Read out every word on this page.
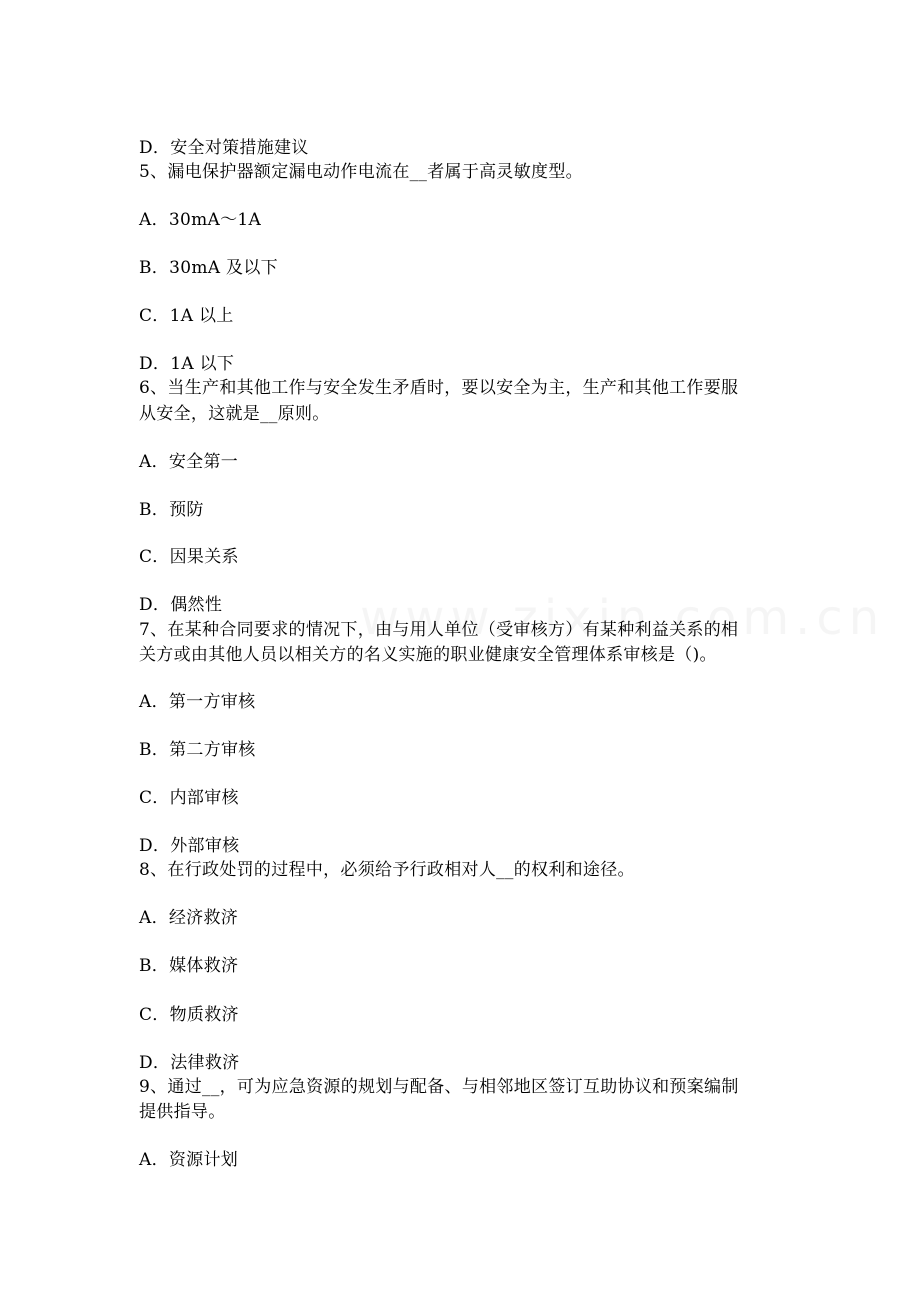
D．安全对策措施建议
5、漏电保护器额定漏电动作电流在__者属于高灵敏度型。
A．30mA～1A
B．30mA 及以下
C．1A 以上
D．1A 以下
6、当生产和其他工作与安全发生矛盾时，要以安全为主，生产和其他工作要服
从安全，这就是__原则。
A．安全第一
B．预防
C．因果关系
D．偶然性
7、在某种合同要求的情况下，由与用人单位（受审核方）有某种利益关系的相
关方或由其他人员以相关方的名义实施的职业健康安全管理体系审核是（)。
A．第一方审核
B．第二方审核
C．内部审核
D．外部审核
8、在行政处罚的过程中，必须给予行政相对人__的权利和途径。
A．经济救济
B．媒体救济
C．物质救济
D．法律救济
9、通过__，可为应急资源的规划与配备、与相邻地区签订互助协议和预案编制
提供指导。
A．资源计划
